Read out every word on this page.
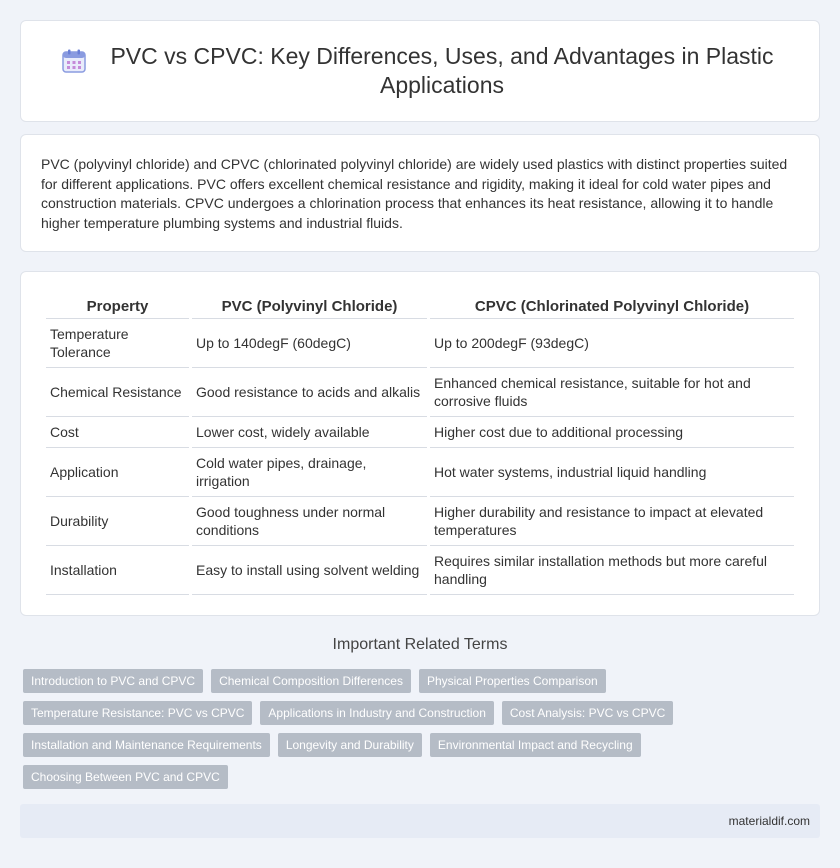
PVC vs CPVC: Key Differences, Uses, and Advantages in Plastic Applications

PVC (polyvinyl chloride) and CPVC (chlorinated polyvinyl chloride) are widely used plastics with distinct properties suited for different applications. PVC offers excellent chemical resistance and rigidity, making it ideal for cold water pipes and construction materials. CPVC undergoes a chlorination process that enhances its heat resistance, allowing it to handle higher temperature plumbing systems and industrial fluids.

Property	PVC (Polyvinyl Chloride)	CPVC (Chlorinated Polyvinyl Chloride)
Temperature Tolerance	Up to 140degF (60degC)	Up to 200degF (93degC)
Chemical Resistance	Good resistance to acids and alkalis	Enhanced chemical resistance, suitable for hot and corrosive fluids
Cost	Lower cost, widely available	Higher cost due to additional processing
Application	Cold water pipes, drainage, irrigation	Hot water systems, industrial liquid handling
Durability	Good toughness under normal conditions	Higher durability and resistance to impact at elevated temperatures
Installation	Easy to install using solvent welding	Requires similar installation methods but more careful handling
Important Related Terms
Introduction to PVC and CPVC	Chemical Composition Differences	Physical Properties Comparison
Temperature Resistance: PVC vs CPVC	Applications in Industry and Construction	Cost Analysis: PVC vs CPVC
Installation and Maintenance Requirements	Longevity and Durability	Environmental Impact and Recycling
Choosing Between PVC and CPVC
materialdif.com
